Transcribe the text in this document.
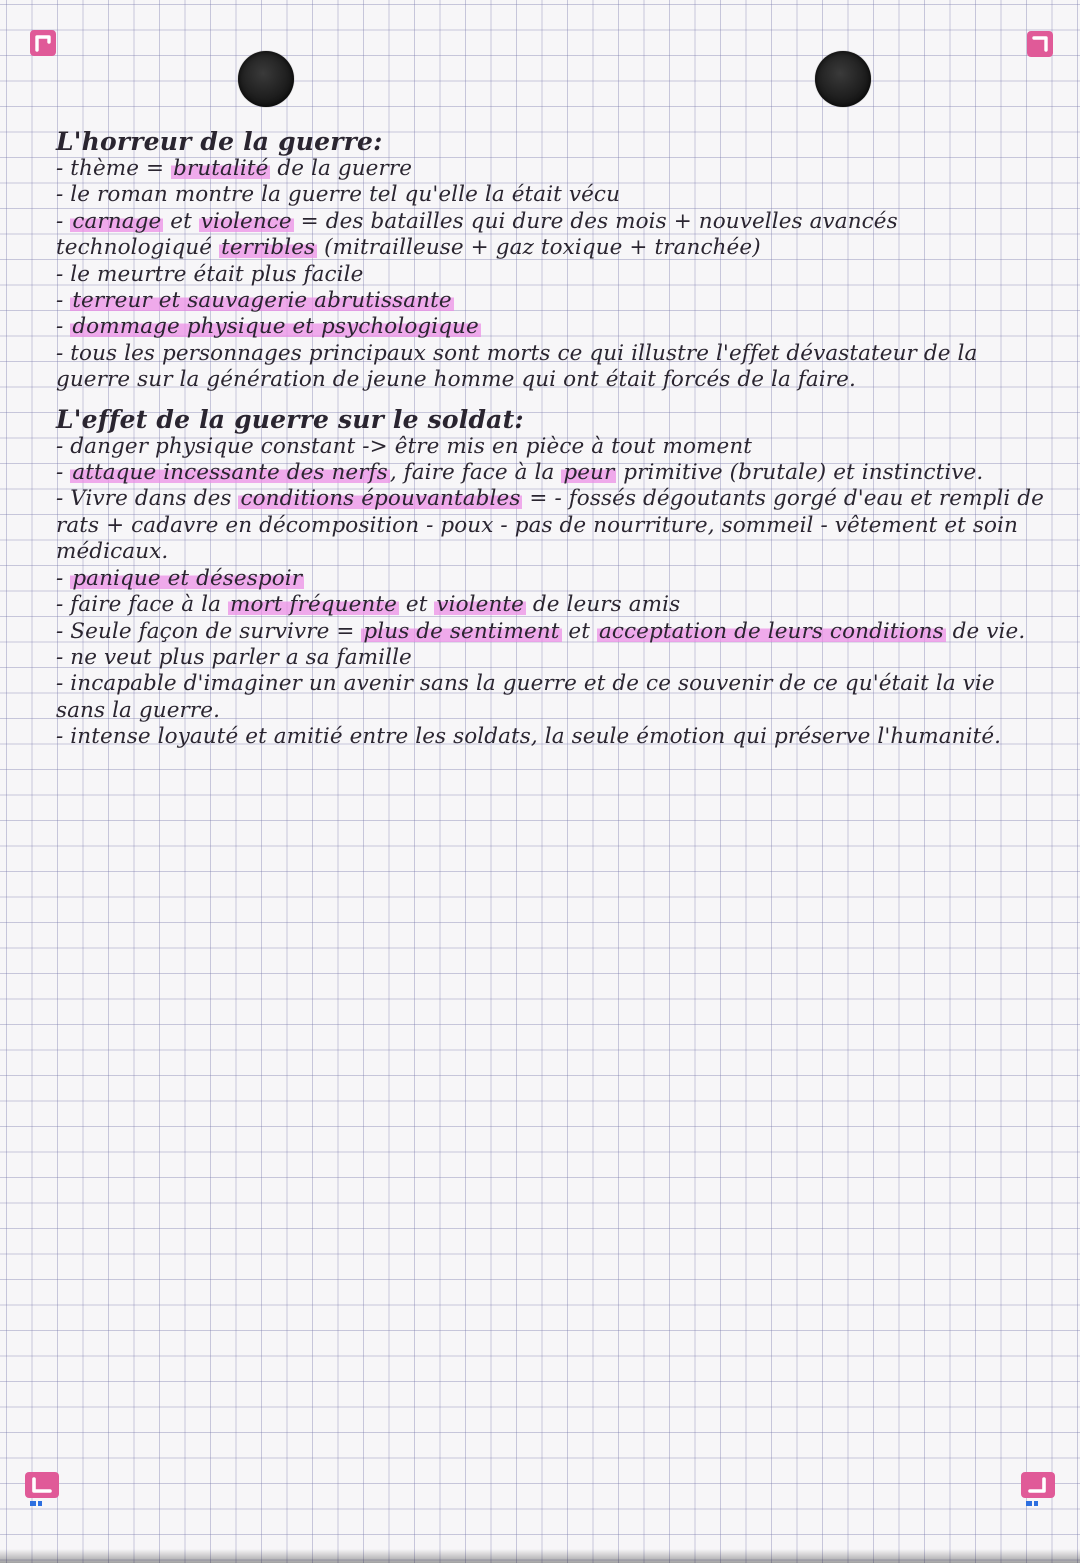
L'horreur de la guerre:

- thème = brutalité de la guerre

- le roman montre la guerre tel qu'elle la était vécu

- carnage et violence = des batailles qui dure des mois + nouvelles avancés technologiqué terribles (mitrailleuse + gaz toxique + tranchée)

- le meurtre était plus facile

- terreur et sauvagerie abrutissante

- dommage physique et psychologique

- tous les personnages principaux sont morts ce qui illustre l'effet dévastateur de la guerre sur la génération de jeune homme qui ont était forcés de la faire.

L'effet de la guerre sur le soldat:

- danger physique constant -> être mis en pièce à tout moment

- attaque incessante des nerfs, faire face à la peur primitive (brutale) et instinctive.

- Vivre dans des conditions épouvantables = - fossés dégoutants gorgé d'eau et rempli de rats + cadavre en décomposition - poux - pas de nourriture, sommeil - vêtement et soin médicaux.

- panique et désespoir

- faire face à la mort fréquente et violente de leurs amis

- Seule façon de survivre = plus de sentiment et acceptation de leurs conditions de vie.

- ne veut plus parler a sa famille

- incapable d'imaginer un avenir sans la guerre et de ce souvenir de ce qu'était la vie sans la guerre.

- intense loyauté et amitié entre les soldats, la seule émotion qui préserve l'humanité.
